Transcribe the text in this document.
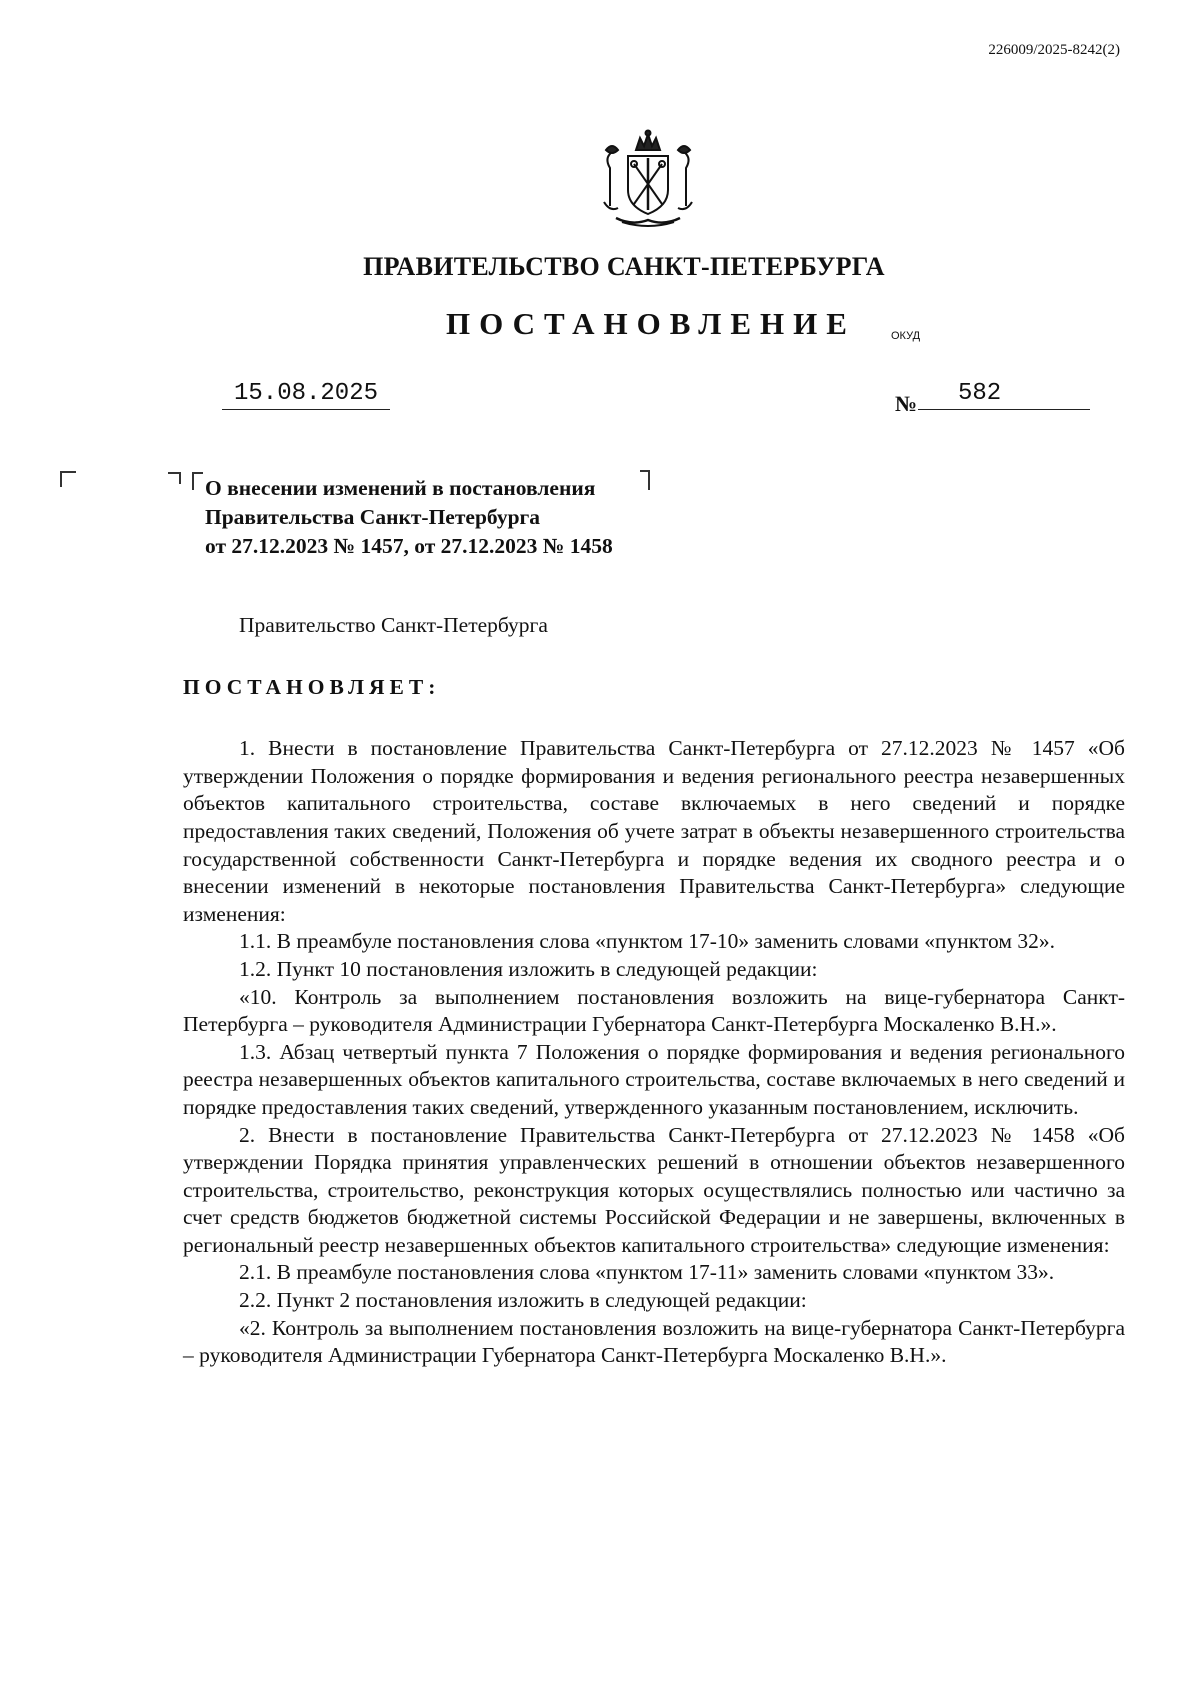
226009/2025-8242(2)
ПРАВИТЕЛЬСТВО САНКТ-ПЕТЕРБУРГА
ПОСТАНОВЛЕНИЕ	ОКУД
15.08.2025	№	582
О внесении изменений в постановления
Правительства Санкт-Петербурга
от 27.12.2023 № 1457, от 27.12.2023 № 1458

Правительство Санкт-Петербурга

ПОСТАНОВЛЯЕТ:

1. Внести в постановление Правительства Санкт-Петербурга от 27.12.2023 № 1457 «Об утверждении Положения о порядке формирования и ведения регионального реестра незавершенных объектов капитального строительства, составе включаемых в него сведений и порядке предоставления таких сведений, Положения об учете затрат в объекты незавершенного строительства государственной собственности Санкт-Петербурга и порядке ведения их сводного реестра и о внесении изменений в некоторые постановления Правительства Санкт-Петербурга» следующие изменения:

1.1. В преамбуле постановления слова «пунктом 17-10» заменить словами «пунктом 32».

1.2. Пункт 10 постановления изложить в следующей редакции:

«10. Контроль за выполнением постановления возложить на вице-губернатора Санкт-Петербурга – руководителя Администрации Губернатора Санкт-Петербурга Москаленко В.Н.».

1.3. Абзац четвертый пункта 7 Положения о порядке формирования и ведения регионального реестра незавершенных объектов капитального строительства, составе включаемых в него сведений и порядке предоставления таких сведений, утвержденного указанным постановлением, исключить.

2. Внести в постановление Правительства Санкт-Петербурга от 27.12.2023 № 1458 «Об утверждении Порядка принятия управленческих решений в отношении объектов незавершенного строительства, строительство, реконструкция которых осуществлялись полностью или частично за счет средств бюджетов бюджетной системы Российской Федерации и не завершены, включенных в региональный реестр незавершенных объектов капитального строительства» следующие изменения:

2.1. В преамбуле постановления слова «пунктом 17-11» заменить словами «пунктом 33».

2.2. Пункт 2 постановления изложить в следующей редакции:

«2. Контроль за выполнением постановления возложить на вице-губернатора Санкт-Петербурга – руководителя Администрации Губернатора Санкт-Петербурга Москаленко В.Н.».
